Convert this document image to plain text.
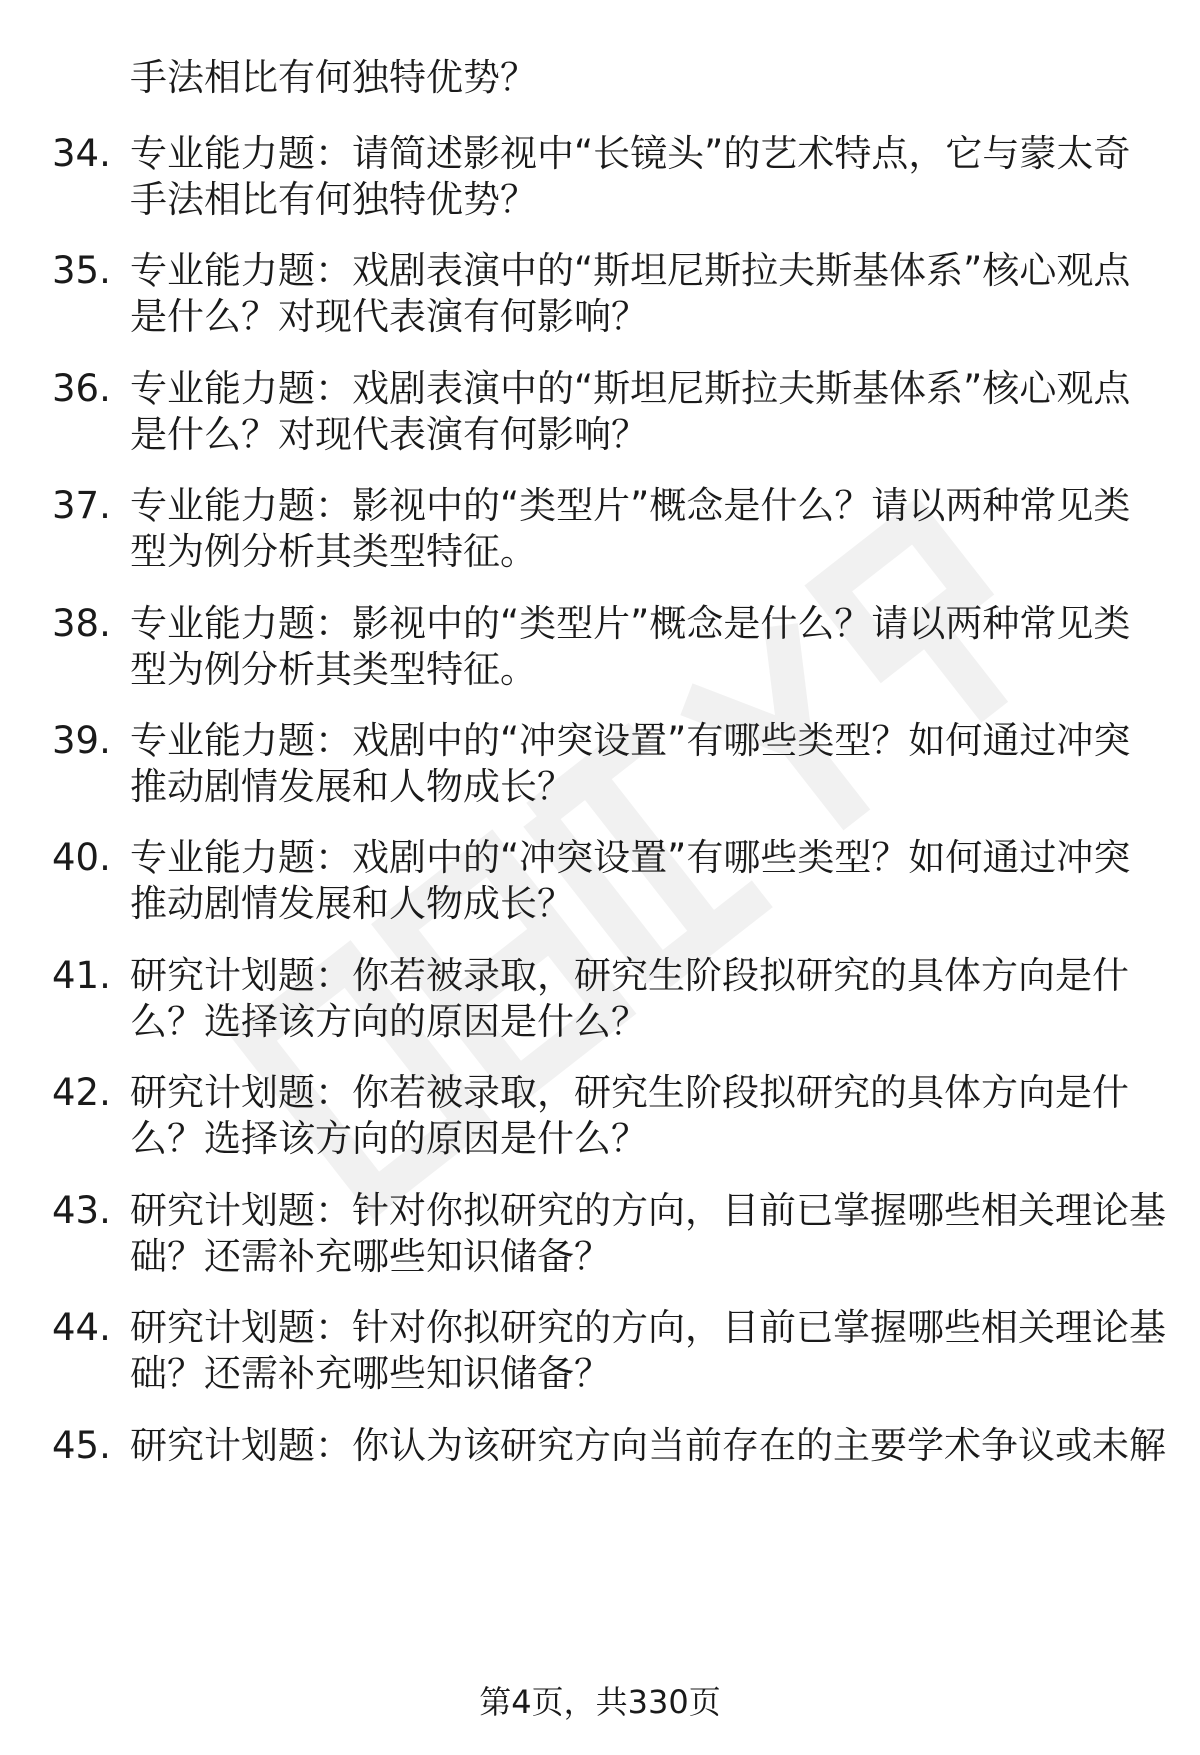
手法相比有何独特优势？
34. 专业能力题：请简述影视中“长镜头”的艺术特点，它与蒙太奇
手法相比有何独特优势？
35. 专业能力题：戏剧表演中的“斯坦尼斯拉夫斯基体系”核心观点
是什么？对现代表演有何影响？
36. 专业能力题：戏剧表演中的“斯坦尼斯拉夫斯基体系”核心观点
是什么？对现代表演有何影响？
37. 专业能力题：影视中的“类型片”概念是什么？请以两种常见类
型为例分析其类型特征。
38. 专业能力题：影视中的“类型片”概念是什么？请以两种常见类
型为例分析其类型特征。
39. 专业能力题：戏剧中的“冲突设置”有哪些类型？如何通过冲突
推动剧情发展和人物成长？
40. 专业能力题：戏剧中的“冲突设置”有哪些类型？如何通过冲突
推动剧情发展和人物成长？
41. 研究计划题：你若被录取，研究生阶段拟研究的具体方向是什
么？选择该方向的原因是什么？
42. 研究计划题：你若被录取，研究生阶段拟研究的具体方向是什
么？选择该方向的原因是什么？
43. 研究计划题：针对你拟研究的方向，目前已掌握哪些相关理论基
础？还需补充哪些知识储备？
44. 研究计划题：针对你拟研究的方向，目前已掌握哪些相关理论基
础？还需补充哪些知识储备？
45. 研究计划题：你认为该研究方向当前存在的主要学术争议或未解
第4页，共330页
